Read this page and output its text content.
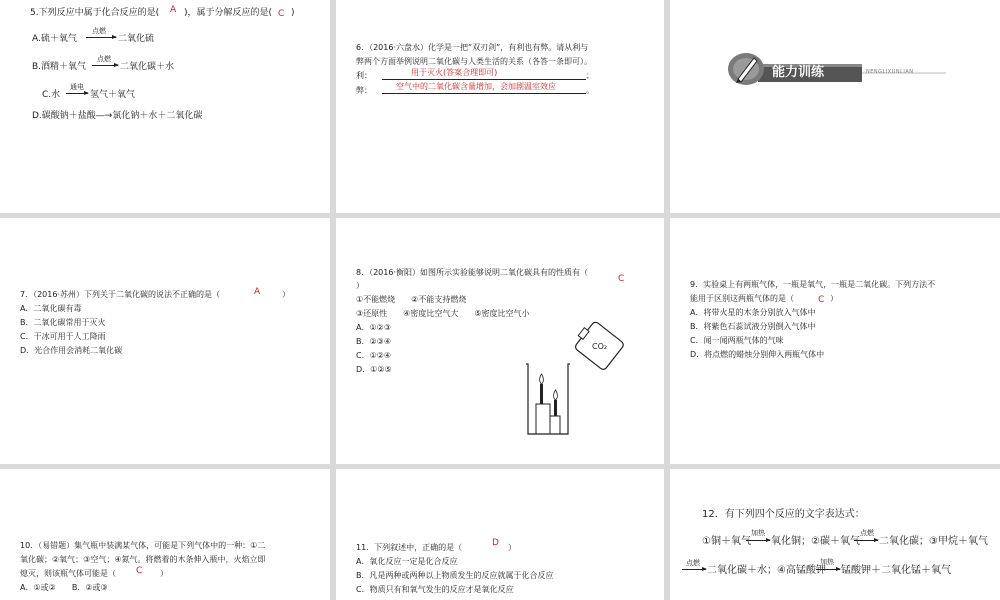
5.下列反应中属于化合反应的是( A )，属于分解反应的是( C )
A.硫＋氧气
点燃
→ 二氧化硫
B.酒精＋氧气
点燃
→ 二氧化碳＋水
C.水
通电
→ 氢气＋氧气
D.碳酸钠＋盐酸―→氯化钠＋水＋二氧化碳
6．（2016·六盘水）化学是一把“双刃剑”，有利也有弊。请从利与
弊两个方面举例说明二氧化碳与人类生活的关系（各答一条即可）。
利：	用于灭火(答案合理即可)	；
弊：	空气中的二氧化碳含量增加，会加剧温室效应	。
能力训练	NENGLIXUNLIAN
7．（2016·苏州）下列关于二氧化碳的说法不正确的是（	A	）
A．二氧化碳有毒
B．二氧化碳常用于灭火
C．干冰可用于人工降雨
D．光合作用会消耗二氧化碳
8．（2016·衡阳）如图所示实验能够说明二氧化碳具有的性质有（
C
）
①不能燃烧　　②不能支持燃烧
③还原性　　④密度比空气大　　⑤密度比空气小
A．①②③
B．②③④
C．①②④
D．①②⑤
CO₂
9．实验桌上有两瓶气体，一瓶是氧气，一瓶是二氧化碳。下列方法不
能用于区别这两瓶气体的是（	C ）
A．将带火星的木条分别放入气体中
B．将紫色石蕊试液分别倒入气体中
C．闻一闻两瓶气体的气味
D．将点燃的蜡烛分别伸入两瓶气体中
10．（易错题）集气瓶中装满某气体，可能是下列气体中的一种：①二
氧化碳；②氧气；③空气；④氮气。将燃着的木条伸入瓶中，火焰立即
熄灭，则该瓶气体可能是（ C ）
A．①或②　　B．②或③
11．下列叙述中，正确的是（	D ）
A．氧化反应一定是化合反应
B．凡是两种或两种以上物质发生的反应就属于化合反应
C．物质只有和氧气发生的反应才是氧化反应
12．有下列四个反应的文字表达式：
①铜＋氧气
加热
→ 氧化铜；②碳＋氧气
点燃
→ 二氧化碳；③甲烷＋氧气
点燃
→ 二氧化碳＋水；④高锰酸钾
加热
→ 锰酸钾＋二氧化锰＋氧气
